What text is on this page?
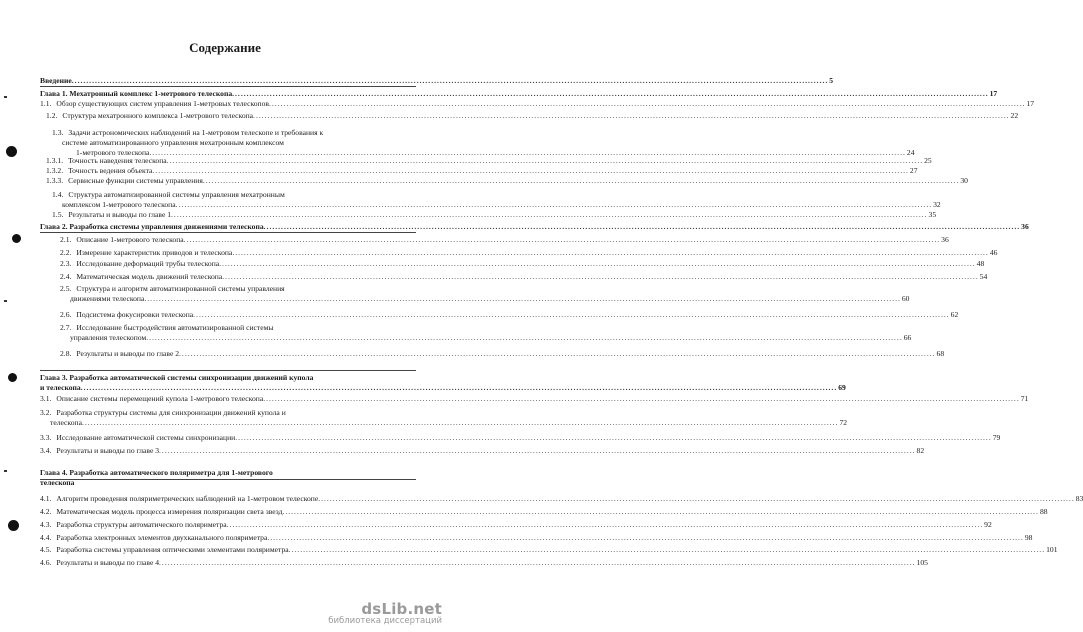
Содержание
Введение .....	5
Глава 1. Мехатронный комплекс 1-метрового телескопа .....	17
1.1. Обзор существующих систем управления 1-метровых телескопов .....	17
1.2. Структура мехатронного комплекса 1-метрового телескопа .....	22
1.3. Задачи астрономических наблюдений на 1-метровом телескопе и требования к
системе автоматизированного управления мехатронным комплексом
1-метрового телескопа .....	24
1.3.1. Точность наведения телескопа .....	25
1.3.2. Точность ведения объекта .....	27
1.3.3. Сервисные функции системы управления .....	30
1.4. Структура автоматизированной системы управления мехатронным
комплексом 1-метрового телескопа .....	32
1.5. Результаты и выводы по главе 1 .....	35
Глава 2. Разработка системы управления движениями телескопа .....	36
2.1. Описание 1-метрового телескопа .....	36
2.2. Измерение характеристик приводов и телескопа .....	46
2.3. Исследование деформаций трубы телескопа .....	48
2.4. Математическая модель движений телескопа .....	54
2.5. Структура и алгоритм автоматизированной системы управления
движениями телескопа .....	60
2.6. Подсистема фокусировки телескопа .....	62
2.7. Исследование быстродействия автоматизированной системы
управления телескопом .....	66
2.8. Результаты и выводы по главе 2 .....	68
Глава 3. Разработка автоматической системы синхронизации движений купола
и телескопа .....	69
3.1. Описание системы перемещений купола 1-метрового телескопа .....	71
3.2. Разработка структуры системы для синхронизации движений купола и
телескопа .....	72
3.3. Исследование автоматической системы синхронизации .....	79
3.4. Результаты и выводы по главе 3 .....	82
Глава 4. Разработка автоматического поляриметра для 1-метрового
телескопа
4.1. Алгоритм проведения поляриметрических наблюдений на 1-метровом телескопе .....	83
4.2. Математическая модель процесса измерения поляризации света звезд .....	88
4.3. Разработка структуры автоматического поляриметра .....	92
4.4. Разработка электронных элементов двухканального поляриметра .....	98
4.5. Разработка системы управления оптическими элементами поляриметра .....	101
4.6. Результаты и выводы по главе 4 .....	105
dsLib.net
библиотека диссертаций
